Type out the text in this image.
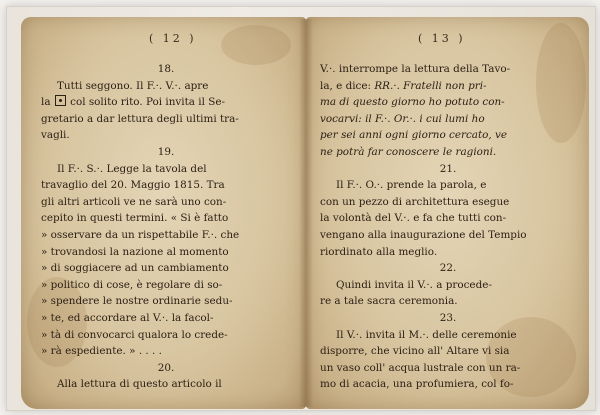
( 12 )
18.
Tutti seggono. Il F.·. V.·. apre
la  col solito rito. Poi invita il Se-
gretario a dar lettura degli ultimi tra-
vagli.
19.
Il F.·. S.·. Legge la tavola del
travaglio del 20. Maggio 1815. Tra
gli altri articoli ve ne sarà uno con-
cepito in questi termini. « Si è fatto
» osservare da un rispettabile F.·. che
» trovandosi la nazione al momento
» di soggiacere ad un cambiamento
» politico di cose, è regolare di so-
» spendere le nostre ordinarie sedu-
» te, ed accordare al V.·. la facol-
» tà di convocarci qualora lo crede-
» rà espediente. » . . . .
20.
Alla lettura di questo articolo il
( 13 )
V.·. interrompe la lettura della Tavo-
la, e dice: RR.·. Fratelli non pri-
ma di questo giorno ho potuto con-
vocarvi: il F.·. Or.·. i cui lumi ho
per sei anni ogni giorno cercato, ve
ne potrà far conoscere le ragioni.
21.
Il F.·. O.·. prende la parola, e
con un pezzo di architettura esegue
la volontà del V.·. e fa che tutti con-
vengano alla inaugurazione del Tempio
riordinato alla meglio.
22.
Quindi invita il V.·. a procede-
re a tale sacra ceremonia.
23.
Il V.·. invita il M.·. delle ceremonie
disporre, che vicino all' Altare vi sia
un vaso coll' acqua lustrale con un ra-
mo di acacia, una profumiera, col fo-
